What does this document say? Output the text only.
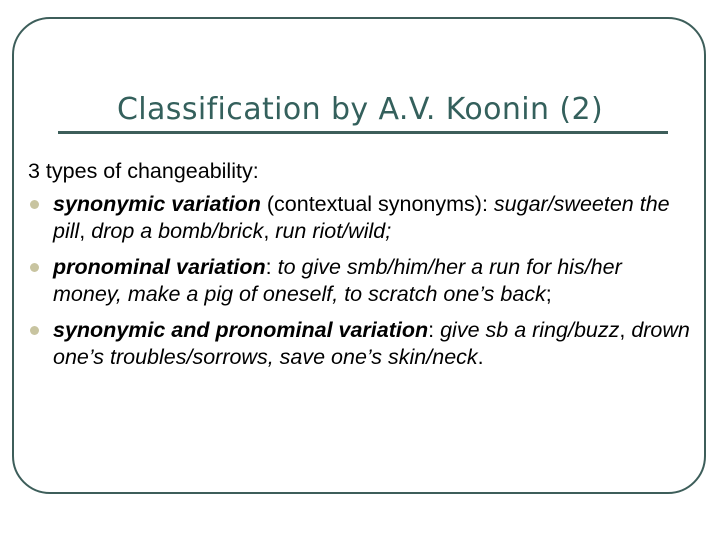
Classification by A.V. Koonin (2)

3 types of changeability:

synonymic variation (contextual synonyms): sugar/sweeten the pill, drop a bomb/brick, run riot/wild;
pronominal variation: to give smb/him/her a run for his/her money, make a pig of oneself, to scratch one’s back;
synonymic and pronominal variation: give sb a ring/buzz, drown one’s troubles/sorrows, save one’s skin/neck.
